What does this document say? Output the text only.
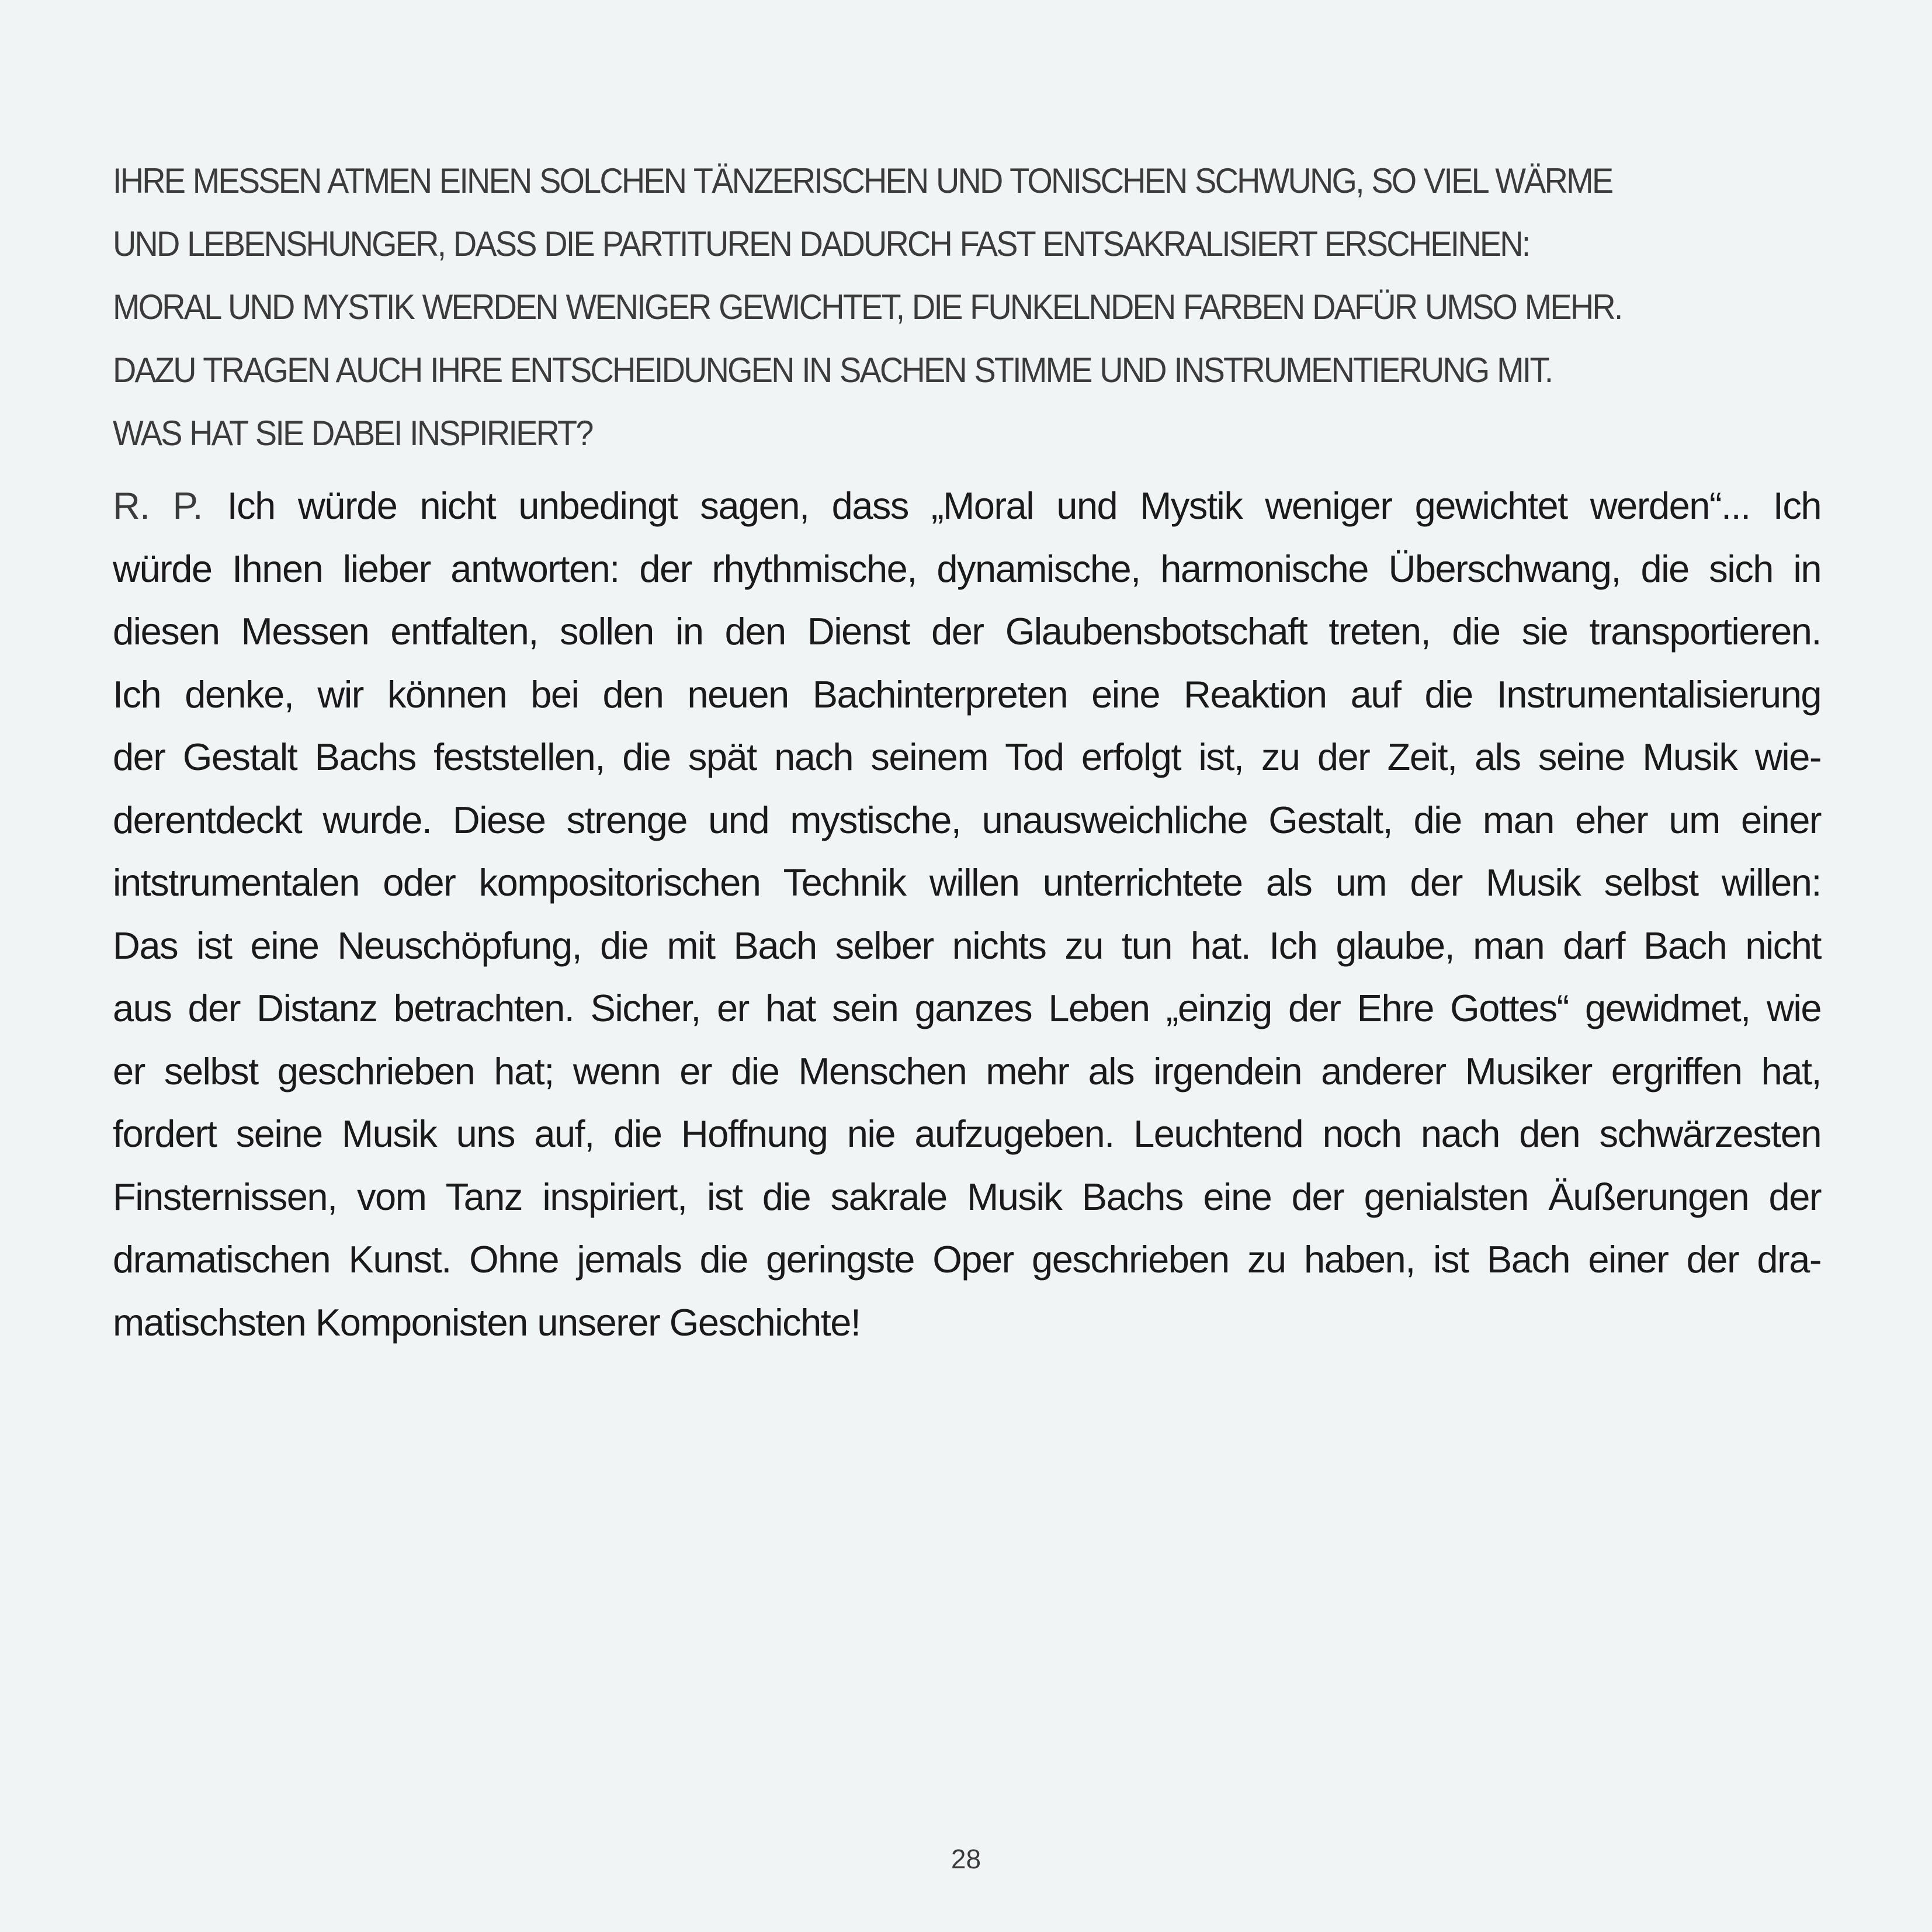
IHRE MESSEN ATMEN EINEN SOLCHEN TÄNZERISCHEN UND TONISCHEN SCHWUNG, SO VIEL WÄRME
UND LEBENSHUNGER, DASS DIE PARTITUREN DADURCH FAST ENTSAKRALISIERT ERSCHEINEN:
MORAL UND MYSTIK WERDEN WENIGER GEWICHTET, DIE FUNKELNDEN FARBEN DAFÜR UMSO MEHR.
DAZU TRAGEN AUCH IHRE ENTSCHEIDUNGEN IN SACHEN STIMME UND INSTRUMENTIERUNG MIT.
WAS HAT SIE DABEI INSPIRIERT?
R. P. Ich würde nicht unbedingt sagen, dass „Moral und Mystik weniger gewichtet werden“... Ich
würde Ihnen lieber antworten: der rhythmische, dynamische, harmonische Überschwang, die sich in
diesen Messen entfalten, sollen in den Dienst der Glaubensbotschaft treten, die sie transportieren.
Ich denke, wir können bei den neuen Bachinterpreten eine Reaktion auf die Instrumentalisierung
der Gestalt Bachs feststellen, die spät nach seinem Tod erfolgt ist, zu der Zeit, als seine Musik wie-
derentdeckt wurde. Diese strenge und mystische, unausweichliche Gestalt, die man eher um einer
intstrumentalen oder kompositorischen Technik willen unterrichtete als um der Musik selbst willen:
Das ist eine Neuschöpfung, die mit Bach selber nichts zu tun hat. Ich glaube, man darf Bach nicht
aus der Distanz betrachten. Sicher, er hat sein ganzes Leben „einzig der Ehre Gottes“ gewidmet, wie
er selbst geschrieben hat; wenn er die Menschen mehr als irgendein anderer Musiker ergriffen hat,
fordert seine Musik uns auf, die Hoffnung nie aufzugeben. Leuchtend noch nach den schwärzesten
Finsternissen, vom Tanz inspiriert, ist die sakrale Musik Bachs eine der genialsten Äußerungen der
dramatischen Kunst. Ohne jemals die geringste Oper geschrieben zu haben, ist Bach einer der dra-
matischsten Komponisten unserer Geschichte!
28
